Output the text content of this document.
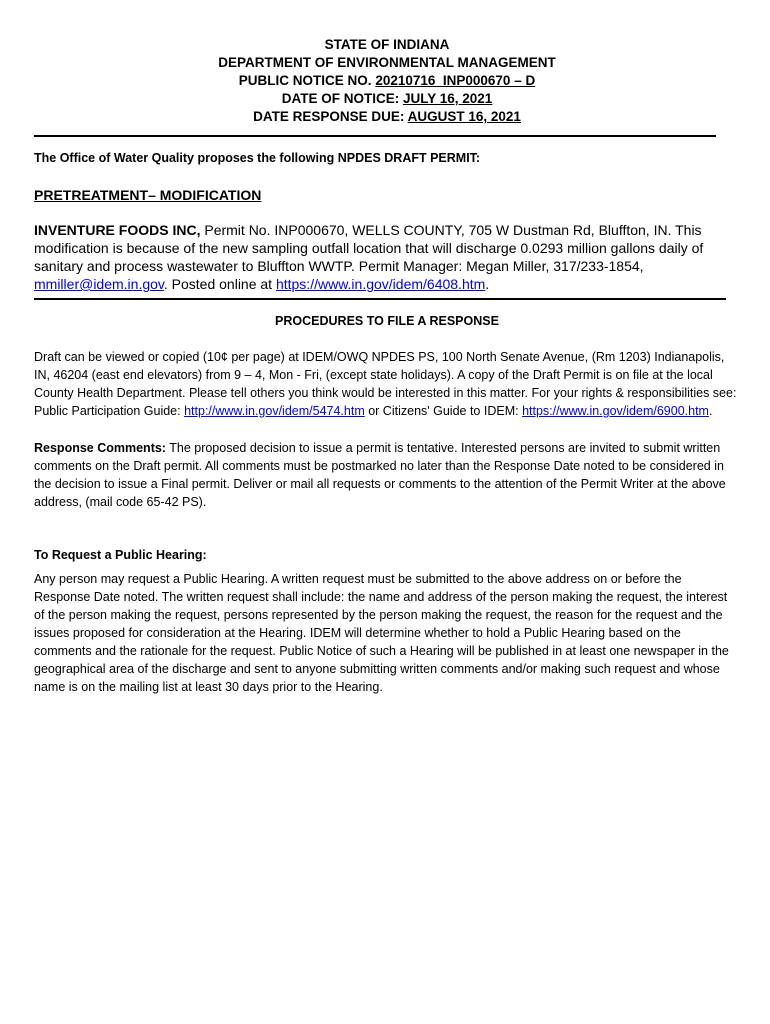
STATE OF INDIANA
DEPARTMENT OF ENVIRONMENTAL MANAGEMENT
PUBLIC NOTICE NO. 20210716_INP000670 – D
DATE OF NOTICE: JULY 16, 2021
DATE RESPONSE DUE: AUGUST 16, 2021
The Office of Water Quality proposes the following NPDES DRAFT PERMIT:
PRETREATMENT– MODIFICATION
INVENTURE FOODS INC, Permit No. INP000670, WELLS COUNTY, 705 W Dustman Rd, Bluffton, IN. This modification is because of the new sampling outfall location that will discharge 0.0293 million gallons daily of sanitary and process wastewater to Bluffton WWTP. Permit Manager: Megan Miller, 317/233-1854, mmiller@idem.in.gov. Posted online at https://www.in.gov/idem/6408.htm.
PROCEDURES TO FILE A RESPONSE
Draft can be viewed or copied (10¢ per page) at IDEM/OWQ NPDES PS, 100 North Senate Avenue, (Rm 1203) Indianapolis, IN, 46204 (east end elevators) from 9 – 4, Mon - Fri, (except state holidays). A copy of the Draft Permit is on file at the local County Health Department. Please tell others you think would be interested in this matter. For your rights & responsibilities see: Public Participation Guide: http://www.in.gov/idem/5474.htm or Citizens' Guide to IDEM: https://www.in.gov/idem/6900.htm.
Response Comments: The proposed decision to issue a permit is tentative. Interested persons are invited to submit written comments on the Draft permit. All comments must be postmarked no later than the Response Date noted to be considered in the decision to issue a Final permit. Deliver or mail all requests or comments to the attention of the Permit Writer at the above address, (mail code 65-42 PS).
To Request a Public Hearing:
Any person may request a Public Hearing. A written request must be submitted to the above address on or before the Response Date noted. The written request shall include: the name and address of the person making the request, the interest of the person making the request, persons represented by the person making the request, the reason for the request and the issues proposed for consideration at the Hearing. IDEM will determine whether to hold a Public Hearing based on the comments and the rationale for the request. Public Notice of such a Hearing will be published in at least one newspaper in the geographical area of the discharge and sent to anyone submitting written comments and/or making such request and whose name is on the mailing list at least 30 days prior to the Hearing.
